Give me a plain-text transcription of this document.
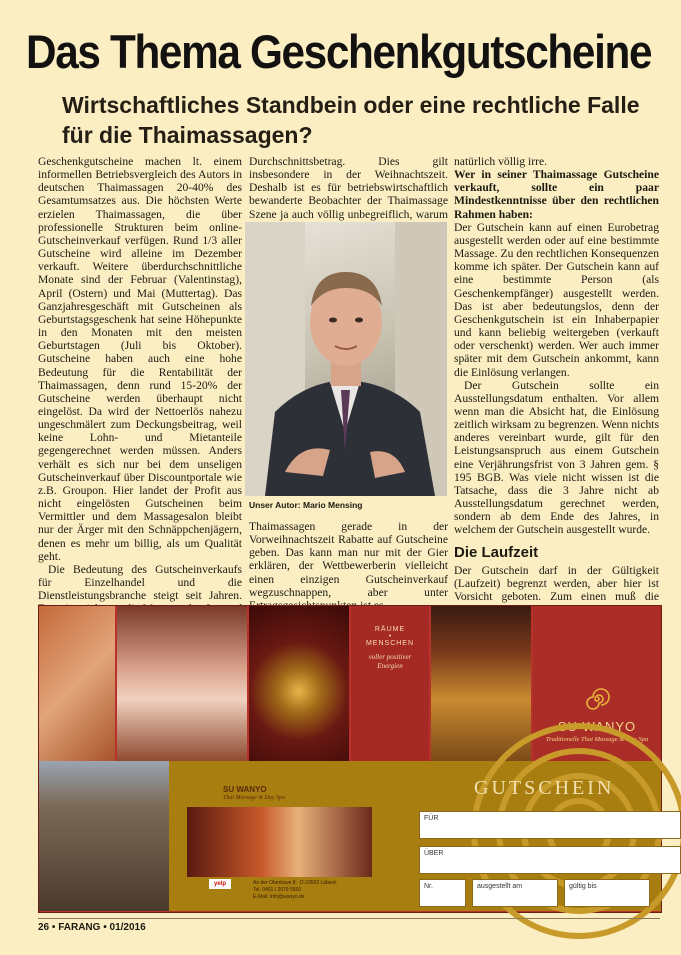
Das Thema Geschenkgutscheine
Wirtschaftliches Standbein oder eine rechtliche Falle für die Thaimassagen?

Geschenkgutscheine machen lt. einem informellen Betriebsvergleich des Autors in deutschen Thaimassagen 20-40% des Gesamtumsatzes aus. Die höchsten Werte erzielen Thaimassagen, die über professionelle Strukturen beim online-Gutscheinverkauf verfügen. Rund 1/3 aller Gutscheine wird alleine im Dezember verkauft. Weitere überdurchschnittliche Monate sind der Februar (Valentinstag), April (Ostern) und Mai (Muttertag). Das Ganzjahresgeschäft mit Gutscheinen als Geburtstagsgeschenk hat seine Höhepunkte in den Monaten mit den meisten Geburtstagen (Juli bis Oktober). Gutscheine haben auch eine hohe Bedeutung für die Rentabilität der Thaimassagen, denn rund 15-20% der Gutscheine werden überhaupt nicht eingelöst. Da wird der Nettoerlös nahezu ungeschmälert zum Deckungsbeitrag, weil keine Lohn- und Mietanteile gegengerechnet werden müssen. Anders verhält es sich nur bei dem unseligen Gutscheinverkauf über Discountportale wie z.B. Groupon. Hier landet der Profit aus nicht eingelösten Gutscheinen beim Vermittler und dem Massagesalon bleibt nur der Ärger mit den Schnäppchenjägern, denen es mehr um billig, als um Qualität geht.

Die Bedeutung des Gutscheinverkaufs für Einzelhandel und die Dienstleistungsbranche steigt seit Jahren.

Durchschnittsbetrag. Dies gilt insbesondere in der Weihnachtszeit. Deshalb ist es für betriebswirtschaftlich bewanderte Beobachter der Thaimassage Szene ja auch völlig unbegreiflich, warum

Unser Autor: Mario Mensing

Thaimassagen gerade in der Vorweihnachtszeit Rabatte auf Gutscheine geben. Das kann man nur mit der Gier erklären, der Wettbewerberin vielleicht einen einzigen Gutscheinverkauf wegzuschnappen, aber unter

natürlich völlig irre.

Wer in seiner Thaimassage Gutscheine verkauft, sollte ein paar Mindestkenntnisse über den rechtlichen Rahmen haben:

Der Gutschein kann auf einen Eurobetrag ausgestellt werden oder auf eine bestimmte Massage. Zu den rechtlichen Konsequenzen komme ich später. Der Gutschein kann auf eine bestimmte Person (als Geschenkempfänger) ausgestellt werden. Das ist aber bedeutungslos, denn der Geschenkgutschein ist ein Inhaberpapier und kann beliebig weitergeben (verkauft oder verschenkt) werden. Wer auch immer später mit dem Gutschein ankommt, kann die Einlösung verlangen.

Der Gutschein sollte ein Ausstellungsdatum enthalten. Vor allem wenn man die Absicht hat, die Einlösung zeitlich wirksam zu begrenzen. Wenn nichts anderes vereinbart wurde, gilt für den Leistungsanspruch aus einem Gutschein eine Verjährungsfrist von 3 Jahren gem. § 195 BGB. Was viele nicht wissen ist die Tatsache, dass die 3 Jahre nicht ab Ausstellungsdatum gerechnet werden, sondern ab dem Ende des Jahres, in welchem der Gutschein ausgestellt wurde.

Die Laufzeit

Der Gutschein darf in der Gültigkeit (Laufzeit) begrenzt werden, aber hier ist Vorsicht geboten. Zum einen muß die

RÄUME
•
MENSCHEN
voller positiver Energien
SU WANYO
Traditionelle Thai Massage & Day Spa
SU WANYO
Thai Massage & Day Spa
yelp	An der Obertrave 8 · D-23552 Lübeck
Tel. 0451 / 2079 5550
E-Mail: info@wanyo.de
GUTSCHEIN
FÜR
ÜBER
Nr.	ausgestellt am	gültig bis
26 • FARANG • 01/2016
